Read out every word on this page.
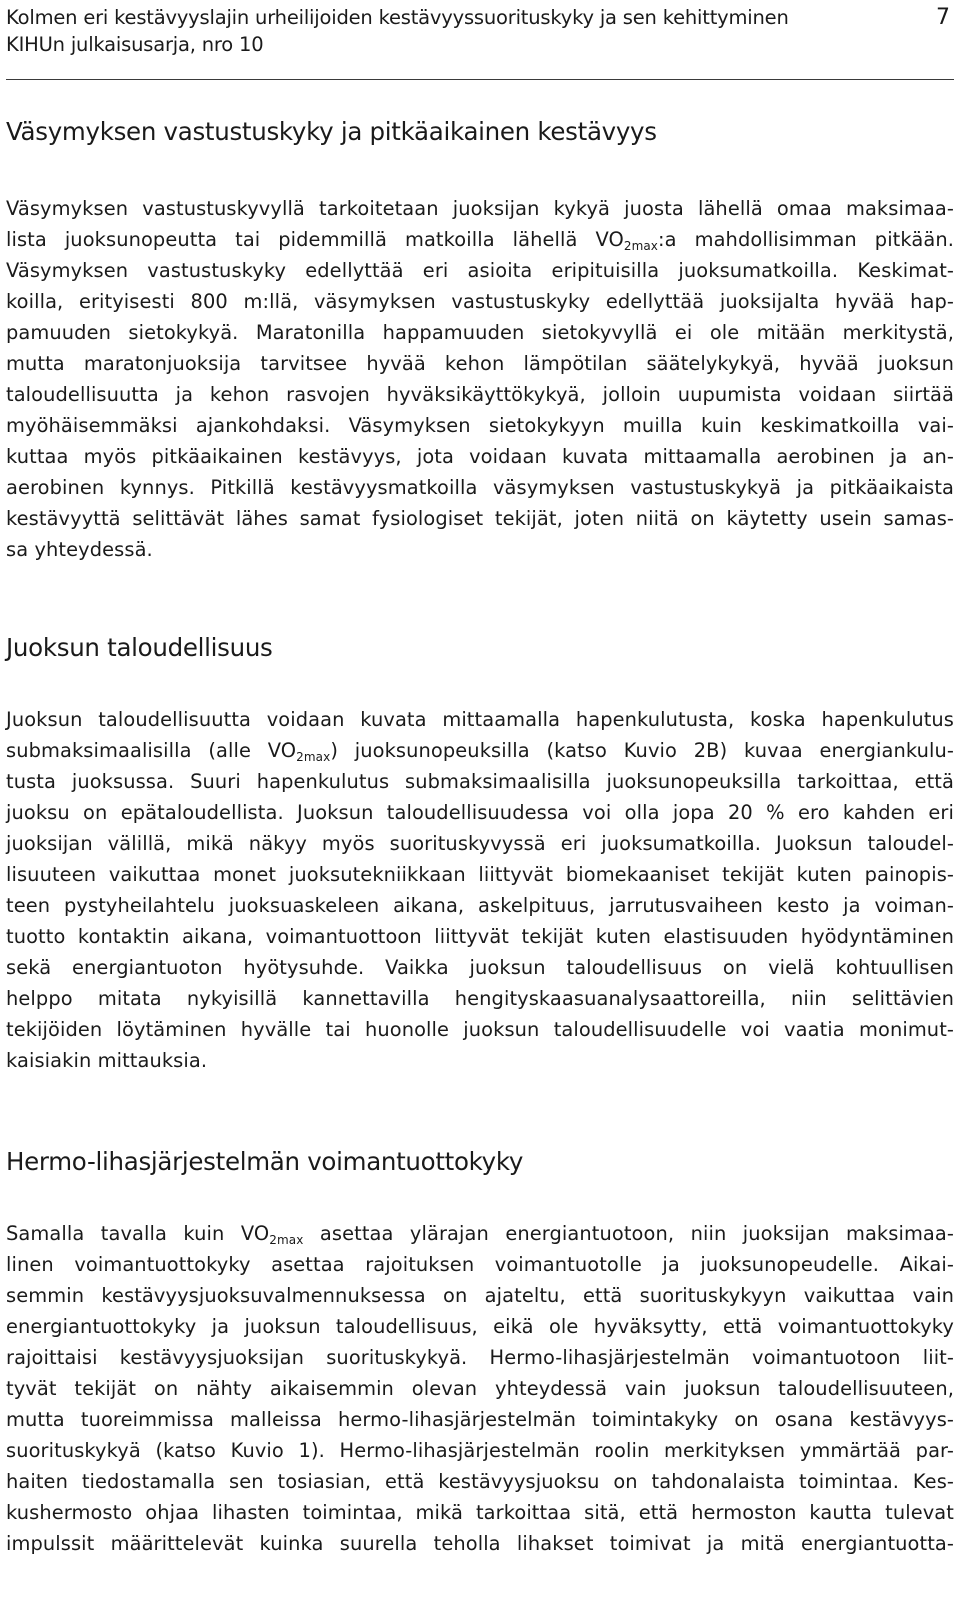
Kolmen eri kestävyyslajin urheilijoiden kestävyyssuorituskyky ja sen kehittyminen
KIHUn julkaisusarja, nro 10
7
Väsymyksen vastustuskyky ja pitkäaikainen kestävyys
Väsymyksen vastustuskyvyllä tarkoitetaan juoksijan kykyä juosta lähellä omaa maksimaa-
lista juoksunopeutta tai pidemmillä matkoilla lähellä $VO_{2max}:a$ mahdollisimman pitkään.
Väsymyksen vastustuskyky edellyttää eri asioita eripituisilla juoksumatkoilla. Keskimat-
koilla, erityisesti 800 m:llä, väsymyksen vastustuskyky edellyttää juoksijalta hyvää hap-
pamuuden sietokykyä. Maratonilla happamuuden sietokyvyllä ei ole mitään merkitystä,
mutta maratonjuoksija tarvitsee hyvää kehon lämpötilan säätelykykyä, hyvää juoksun
taloudellisuutta ja kehon rasvojen hyväksikäyttökykyä, jolloin uupumista voidaan siirtää
myöhäisemmäksi ajankohdaksi. Väsymyksen sietokykyyn muilla kuin keskimatkoilla vai-
kuttaa myös pitkäaikainen kestävyys, jota voidaan kuvata mittaamalla aerobinen ja an-
aerobinen kynnys. Pitkillä kestävyysmatkoilla väsymyksen vastustuskykyä ja pitkäaikaista
kestävyyttä selittävät lähes samat fysiologiset tekijät, joten niitä on käytetty usein samas-
sa yhteydessä.
Juoksun taloudellisuus
Juoksun taloudellisuutta voidaan kuvata mittaamalla hapenkulutusta, koska hapenkulutus
submaksimaalisilla (alle $VO_{2max}$) juoksunopeuksilla (katso Kuvio 2B) kuvaa energiankulu-
tusta juoksussa. Suuri hapenkulutus submaksimaalisilla juoksunopeuksilla tarkoittaa, että
juoksu on epätaloudellista. Juoksun taloudellisuudessa voi olla jopa 20 % ero kahden eri
juoksijan välillä, mikä näkyy myös suorituskyvyssä eri juoksumatkoilla. Juoksun taloudel-
lisuuteen vaikuttaa monet juoksutekniikkaan liittyvät biomekaaniset tekijät kuten painopis-
teen pystyheilahtelu juoksuaskeleen aikana, askelpituus, jarrutusvaiheen kesto ja voiman-
tuotto kontaktin aikana, voimantuottoon liittyvät tekijät kuten elastisuuden hyödyntäminen
sekä energiantuoton hyötysuhde. Vaikka juoksun taloudellisuus on vielä kohtuullisen
helppo mitata nykyisillä kannettavilla hengityskaasuanalysaattoreilla, niin selittävien
tekijöiden löytäminen hyvälle tai huonolle juoksun taloudellisuudelle voi vaatia monimut-
kaisiakin mittauksia.
Hermo-lihasjärjestelmän voimantuottokyky
Samalla tavalla kuin $VO_{2max}$ asettaa ylärajan energiantuotoon, niin juoksijan maksimaa-
linen voimantuottokyky asettaa rajoituksen voimantuotolle ja juoksunopeudelle. Aikai-
semmin kestävyysjuoksuvalmennuksessa on ajateltu, että suorituskykyyn vaikuttaa vain
energiantuottokyky ja juoksun taloudellisuus, eikä ole hyväksytty, että voimantuottokyky
rajoittaisi kestävyysjuoksijan suorituskykyä. Hermo-lihasjärjestelmän voimantuotoon liit-
tyvät tekijät on nähty aikaisemmin olevan yhteydessä vain juoksun taloudellisuuteen,
mutta tuoreimmissa malleissa hermo-lihasjärjestelmän toimintakyky on osana kestävyys-
suorituskykyä (katso Kuvio 1). Hermo-lihasjärjestelmän roolin merkityksen ymmärtää par-
haiten tiedostamalla sen tosiasian, että kestävyysjuoksu on tahdonalaista toimintaa. Kes-
kushermosto ohjaa lihasten toimintaa, mikä tarkoittaa sitä, että hermoston kautta tulevat
impulssit määrittelevät kuinka suurella teholla lihakset toimivat ja mitä energiantuotta-
